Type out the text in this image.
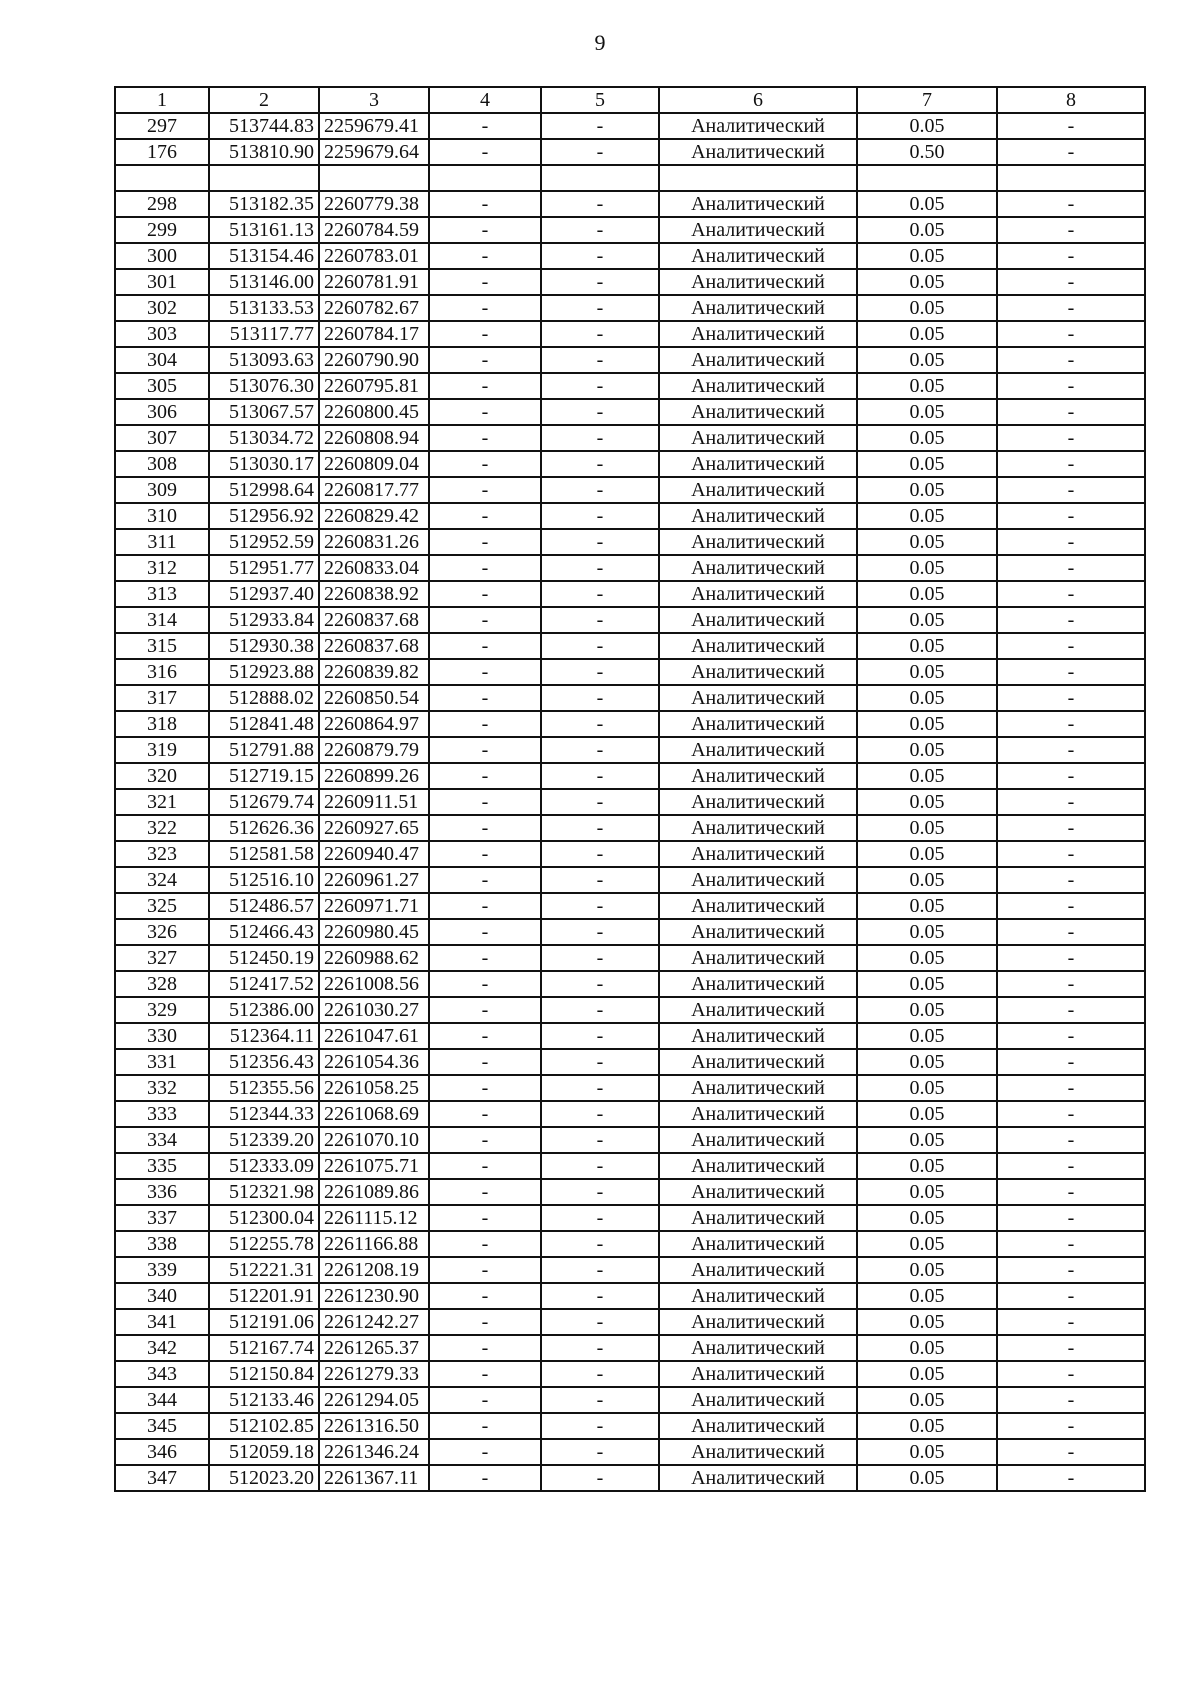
9
1	2	3	4	5	6	7	8
297	513744.83	2259679.41	-	-	Аналитический	0.05	-
176	513810.90	2259679.64	-	-	Аналитический	0.50	-

298	513182.35	2260779.38	-	-	Аналитический	0.05	-
299	513161.13	2260784.59	-	-	Аналитический	0.05	-
300	513154.46	2260783.01	-	-	Аналитический	0.05	-
301	513146.00	2260781.91	-	-	Аналитический	0.05	-
302	513133.53	2260782.67	-	-	Аналитический	0.05	-
303	513117.77	2260784.17	-	-	Аналитический	0.05	-
304	513093.63	2260790.90	-	-	Аналитический	0.05	-
305	513076.30	2260795.81	-	-	Аналитический	0.05	-
306	513067.57	2260800.45	-	-	Аналитический	0.05	-
307	513034.72	2260808.94	-	-	Аналитический	0.05	-
308	513030.17	2260809.04	-	-	Аналитический	0.05	-
309	512998.64	2260817.77	-	-	Аналитический	0.05	-
310	512956.92	2260829.42	-	-	Аналитический	0.05	-
311	512952.59	2260831.26	-	-	Аналитический	0.05	-
312	512951.77	2260833.04	-	-	Аналитический	0.05	-
313	512937.40	2260838.92	-	-	Аналитический	0.05	-
314	512933.84	2260837.68	-	-	Аналитический	0.05	-
315	512930.38	2260837.68	-	-	Аналитический	0.05	-
316	512923.88	2260839.82	-	-	Аналитический	0.05	-
317	512888.02	2260850.54	-	-	Аналитический	0.05	-
318	512841.48	2260864.97	-	-	Аналитический	0.05	-
319	512791.88	2260879.79	-	-	Аналитический	0.05	-
320	512719.15	2260899.26	-	-	Аналитический	0.05	-
321	512679.74	2260911.51	-	-	Аналитический	0.05	-
322	512626.36	2260927.65	-	-	Аналитический	0.05	-
323	512581.58	2260940.47	-	-	Аналитический	0.05	-
324	512516.10	2260961.27	-	-	Аналитический	0.05	-
325	512486.57	2260971.71	-	-	Аналитический	0.05	-
326	512466.43	2260980.45	-	-	Аналитический	0.05	-
327	512450.19	2260988.62	-	-	Аналитический	0.05	-
328	512417.52	2261008.56	-	-	Аналитический	0.05	-
329	512386.00	2261030.27	-	-	Аналитический	0.05	-
330	512364.11	2261047.61	-	-	Аналитический	0.05	-
331	512356.43	2261054.36	-	-	Аналитический	0.05	-
332	512355.56	2261058.25	-	-	Аналитический	0.05	-
333	512344.33	2261068.69	-	-	Аналитический	0.05	-
334	512339.20	2261070.10	-	-	Аналитический	0.05	-
335	512333.09	2261075.71	-	-	Аналитический	0.05	-
336	512321.98	2261089.86	-	-	Аналитический	0.05	-
337	512300.04	2261115.12	-	-	Аналитический	0.05	-
338	512255.78	2261166.88	-	-	Аналитический	0.05	-
339	512221.31	2261208.19	-	-	Аналитический	0.05	-
340	512201.91	2261230.90	-	-	Аналитический	0.05	-
341	512191.06	2261242.27	-	-	Аналитический	0.05	-
342	512167.74	2261265.37	-	-	Аналитический	0.05	-
343	512150.84	2261279.33	-	-	Аналитический	0.05	-
344	512133.46	2261294.05	-	-	Аналитический	0.05	-
345	512102.85	2261316.50	-	-	Аналитический	0.05	-
346	512059.18	2261346.24	-	-	Аналитический	0.05	-
347	512023.20	2261367.11	-	-	Аналитический	0.05	-
